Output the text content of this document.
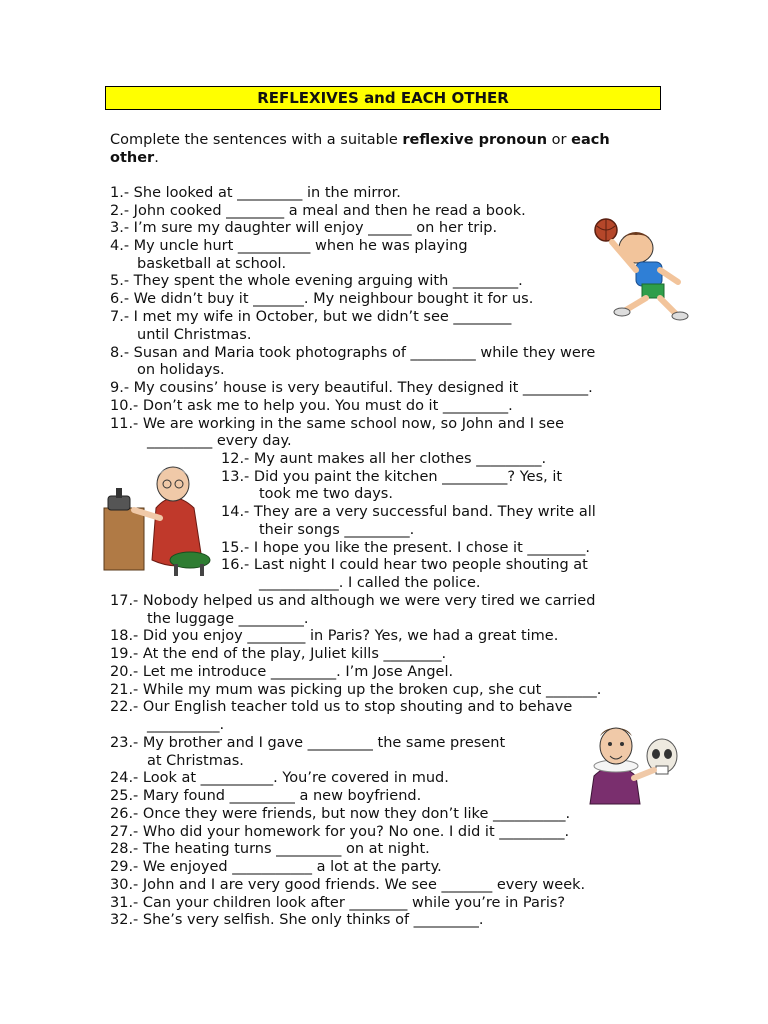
REFLEXIVES and EACH OTHER
Complete the sentences with a suitable reflexive pronoun or each
other.
1.- She looked at _________ in the mirror.
2.- John cooked ________ a meal and then he read a book.
3.- I’m sure my daughter will enjoy ______ on her trip.
4.- My uncle hurt __________ when he was playing
basketball at school.
5.- They spent the whole evening arguing with _________.
6.- We didn’t buy it _______. My neighbour bought it for us.
7.- I met my wife in October, but we didn’t see ________
until Christmas.
8.- Susan and Maria took photographs of _________ while they were
on holidays.
9.- My cousins’ house is very beautiful. They designed it _________.
10.- Don’t ask me to help you. You must do it _________.
11.- We are working in the same school now, so John and I see
_________ every day.
12.- My aunt makes all her clothes _________.
13.- Did you paint the kitchen _________? Yes, it
took me two days.
14.- They are a very successful band. They write all
their songs _________.
15.- I hope you like the present. I chose it ________.
16.- Last night I could hear two people shouting at
___________. I called the police.
17.- Nobody helped us and although we were very tired we carried
the luggage _________.
18.- Did you enjoy ________ in Paris? Yes, we had a great time.
19.- At the end of the play, Juliet kills ________.
20.- Let me introduce _________. I’m Jose Angel.
21.- While my mum was picking up the broken cup, she cut _______.
22.- Our English teacher told us to stop shouting and to behave
__________.
23.- My brother and I gave _________ the same present
at Christmas.
24.- Look at __________. You’re covered in mud.
25.- Mary found _________ a new boyfriend.
26.- Once they were friends, but now they don’t like __________.
27.- Who did your homework for you? No one. I did it _________.
28.- The heating turns _________ on at night.
29.- We enjoyed ___________ a lot at the party.
30.- John and I are very good friends. We see _______ every week.
31.- Can your children look after ________ while you’re in Paris?
32.- She’s very selfish. She only thinks of _________.
